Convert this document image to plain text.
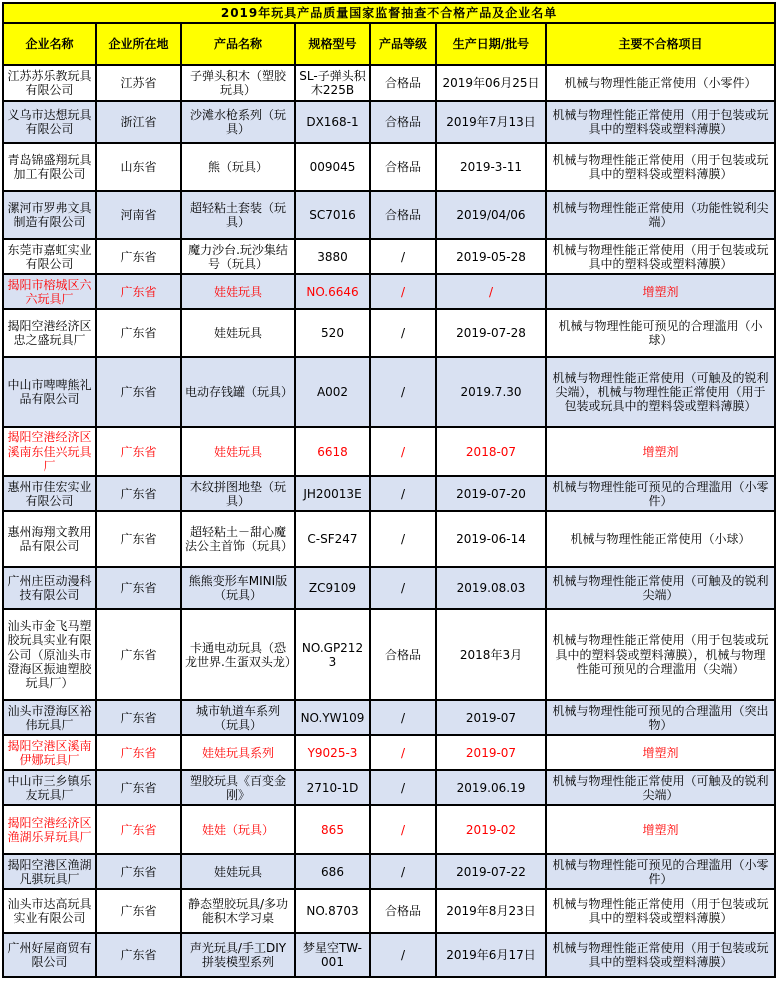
2019年玩具产品质量国家监督抽查不合格产品及企业名单						
企业名称	企业所在地	产品名称	规格型号	产品等级	生产日期/批号	主要不合格项目
江苏苏乐教玩具有限公司	江苏省	子弹头积木（塑胶玩具）	SL-子弹头积木225B	合格品	2019年06月25日	机械与物理性能正常使用（小零件）
义乌市达想玩具有限公司	浙江省	沙滩水枪系列（玩具）	DX168-1	合格品	2019年7月13日	机械与物理性能正常使用（用于包装或玩具中的塑料袋或塑料薄膜）
青岛锦盛翔玩具加工有限公司	山东省	熊（玩具）	009045	合格品	2019-3-11	机械与物理性能正常使用（用于包装或玩具中的塑料袋或塑料薄膜）
漯河市罗弗文具制造有限公司	河南省	超轻粘土套装（玩具）	SC7016	合格品	2019/04/06	机械与物理性能正常使用（功能性锐利尖端）
东莞市嘉虹实业有限公司	广东省	魔力沙台.玩沙集结号（玩具）	3880	/	2019-05-28	机械与物理性能正常使用（用于包装或玩具中的塑料袋或塑料薄膜）
揭阳市榕城区六六玩具厂	广东省	娃娃玩具	NO.6646	/	/	增塑剂
揭阳空港经济区忠之盛玩具厂	广东省	娃娃玩具	520	/	2019-07-28	机械与物理性能可预见的合理滥用（小球）
中山市啤啤熊礼品有限公司	广东省	电动存钱罐（玩具）	A002	/	2019.7.30	机械与物理性能正常使用（可触及的锐利尖端），机械与物理性能正常使用（用于包装或玩具中的塑料袋或塑料薄膜）
揭阳空港经济区溪南东佳兴玩具厂	广东省	娃娃玩具	6618	/	2018-07	增塑剂
惠州市佳宏实业有限公司	广东省	木纹拼图地垫（玩具）	JH20013E	/	2019-07-20	机械与物理性能可预见的合理滥用（小零件）
惠州海翔文教用品有限公司	广东省	超轻粘土－甜心魔法公主首饰（玩具）	C-SF247	/	2019-06-14	机械与物理性能正常使用（小球）
广州庄臣动漫科技有限公司	广东省	熊熊变形车MINI版（玩具）	ZC9109	/	2019.08.03	机械与物理性能正常使用（可触及的锐利尖端）
汕头市金飞马塑胶玩具实业有限公司（原汕头市澄海区振迪塑胶玩具厂）	广东省	卡通电动玩具（恐龙世界.生蛋双头龙）	NO.GP2123	合格品	2018年3月	机械与物理性能正常使用（用于包装或玩具中的塑料袋或塑料薄膜），机械与物理性能可预见的合理滥用（尖端）
汕头市澄海区裕伟玩具厂	广东省	城市轨道车系列（玩具）	NO.YW109	/	2019-07	机械与物理性能可预见的合理滥用（突出物）
揭阳空港区溪南伊娜玩具厂	广东省	娃娃玩具系列	Y9025-3	/	2019-07	增塑剂
中山市三乡镇乐友玩具厂	广东省	塑胶玩具《百变金刚》	2710-1D	/	2019.06.19	机械与物理性能正常使用（可触及的锐利尖端）
揭阳空港经济区渔湖乐昇玩具厂	广东省	娃娃（玩具）	865	/	2019-02	增塑剂
揭阳空港区渔湖凡骐玩具厂	广东省	娃娃玩具	686	/	2019-07-22	机械与物理性能可预见的合理滥用（小零件）
汕头市达高玩具实业有限公司	广东省	静态塑胶玩具/多功能积木学习桌	NO.8703	合格品	2019年8月23日	机械与物理性能正常使用（用于包装或玩具中的塑料袋或塑料薄膜）
广州好屋商贸有限公司	广东省	声光玩具/手工DIY拼装模型系列	梦星空TW-001	/	2019年6月17日	机械与物理性能正常使用（用于包装或玩具中的塑料袋或塑料薄膜）
